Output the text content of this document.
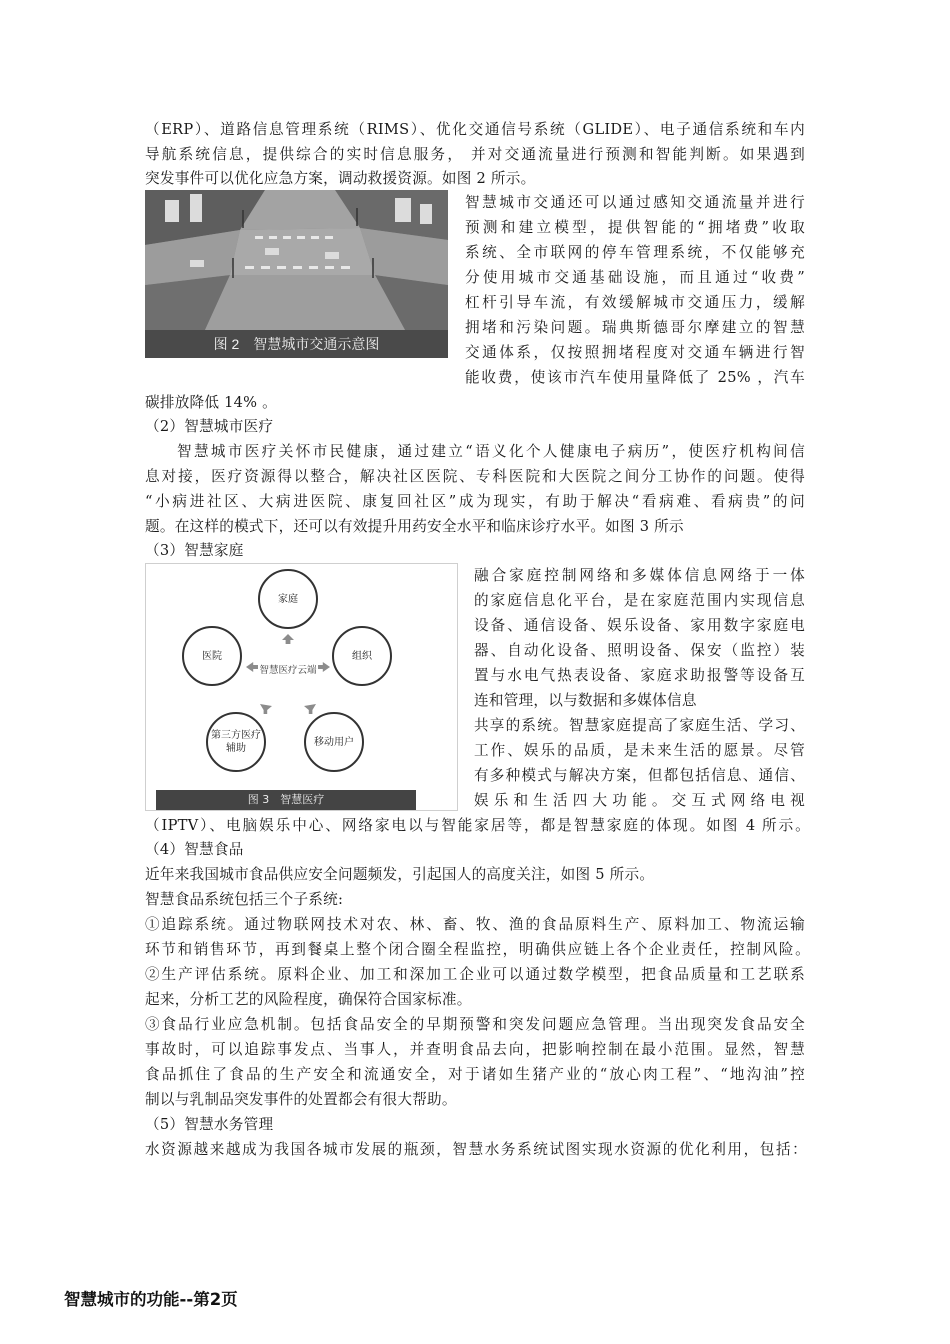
（ERP）、道路信息管理系统（RIMS）、优化交通信号系统（GLIDE）、电子通信系统和车内
导航系统信息，提供综合的实时信息服务， 并对交通流量进行预测和智能判断。如果遇到
突发事件可以优化应急方案，调动救援资源。如图 2 所示。
图 2　智慧城市交通示意图
智慧城市交通还可以通过感知交通流量并进行
预测和建立模型，提供智能的“拥堵费”收取
系统、全市联网的停车管理系统，不仅能够充
分使用城市交通基础设施，而且通过“收费”
杠杆引导车流，有效缓解城市交通压力，缓解
拥堵和污染问题。瑞典斯德哥尔摩建立的智慧
交通体系，仅按照拥堵程度对交通车辆进行智
能收费，使该市汽车使用量降低了 25% ，汽车
碳排放降低 14% 。
（2）智慧城市医疗
智慧城市医疗关怀市民健康，通过建立“语义化个人健康电子病历”，使医疗机构间信
息对接，医疗资源得以整合，解决社区医院、专科医院和大医院之间分工协作的问题。使得
“小病进社区、大病进医院、康复回社区”成为现实，有助于解决“看病难、看病贵”的问
题。在这样的模式下，还可以有效提升用药安全水平和临床诊疗水平。如图 3 所示
（3）智慧家庭
家庭
医院	组织
第三方医疗辅助
移动用户
智慧医疗云端
图 3　智慧医疗
融合家庭控制网络和多媒体信息网络于一体
的家庭信息化平台，是在家庭范围内实现信息
设备、通信设备、娱乐设备、家用数字家庭电
器、自动化设备、照明设备、保安（监控）装
置与水电气热表设备、家庭求助报警等设备互
连和管理，以与数据和多媒体信息
共享的系统。智慧家庭提高了家庭生活、学习、
工作、娱乐的品质，是未来生活的愿景。尽管
有多种模式与解决方案，但都包括信息、通信、
娱乐和生活四大功能。交互式网络电视
（IPTV）、电脑娱乐中心、网络家电以与智能家居等，都是智慧家庭的体现。如图 4 所示。
（4）智慧食品
近年来我国城市食品供应安全问题频发，引起国人的高度关注，如图 5 所示。
智慧食品系统包括三个子系统:
①追踪系统。通过物联网技术对农、林、畜、牧、渔的食品原料生产、原料加工、物流运输
环节和销售环节，再到餐桌上整个闭合圈全程监控，明确供应链上各个企业责任，控制风险。
②生产评估系统。原料企业、加工和深加工企业可以通过数学模型，把食品质量和工艺联系
起来，分析工艺的风险程度，确保符合国家标准。
③食品行业应急机制。包括食品安全的早期预警和突发问题应急管理。当出现突发食品安全
事故时，可以追踪事发点、当事人，并查明食品去向，把影响控制在最小范围。显然，智慧
食品抓住了食品的生产安全和流通安全，对于诸如生猪产业的“放心肉工程”、“地沟油”控
制以与乳制品突发事件的处置都会有很大帮助。
（5）智慧水务管理
水资源越来越成为我国各城市发展的瓶颈，智慧水务系统试图实现水资源的优化利用，包括：
智慧城市的功能--第2页
